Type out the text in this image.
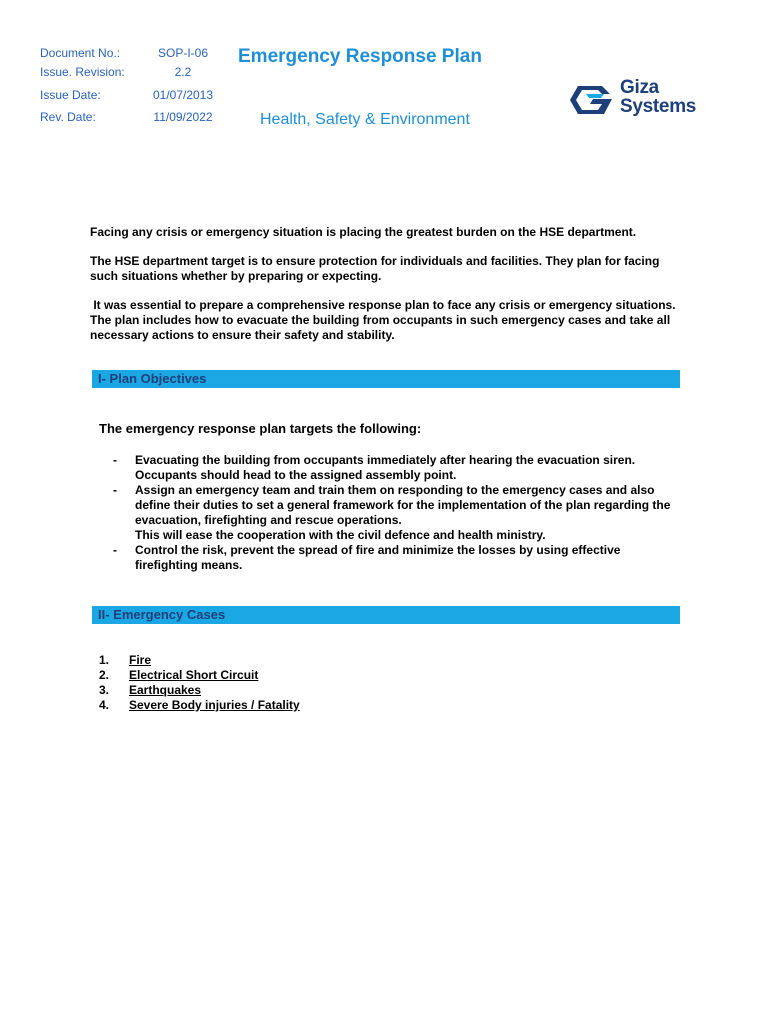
Document No.:	SOP-I-06
Issue. Revision:	2.2
Issue Date:	01/07/2013
Rev. Date:	11/09/2022
Emergency Response Plan
Health, Safety & Environment
Giza
Systems
Facing any crisis or emergency situation is placing the greatest burden on the HSE department.
The HSE department target is to ensure protection for individuals and facilities. They plan for facing such situations whether by preparing or expecting.
It was essential to prepare a comprehensive response plan to face any crisis or emergency situations. The plan includes how to evacuate the building from occupants in such emergency cases and take all necessary actions to ensure their safety and stability.
I- Plan Objectives
The emergency response plan targets the following:
- Evacuating the building from occupants immediately after hearing the evacuation siren. Occupants should head to the assigned assembly point.
- Assign an emergency team and train them on responding to the emergency cases and also define their duties to set a general framework for the implementation of the plan regarding the evacuation, firefighting and rescue operations.
This will ease the cooperation with the civil defence and health ministry.
- Control the risk, prevent the spread of fire and minimize the losses by using effective firefighting means.
II- Emergency Cases
1. Fire
2. Electrical Short Circuit
3. Earthquakes
4. Severe Body injuries / Fatality
